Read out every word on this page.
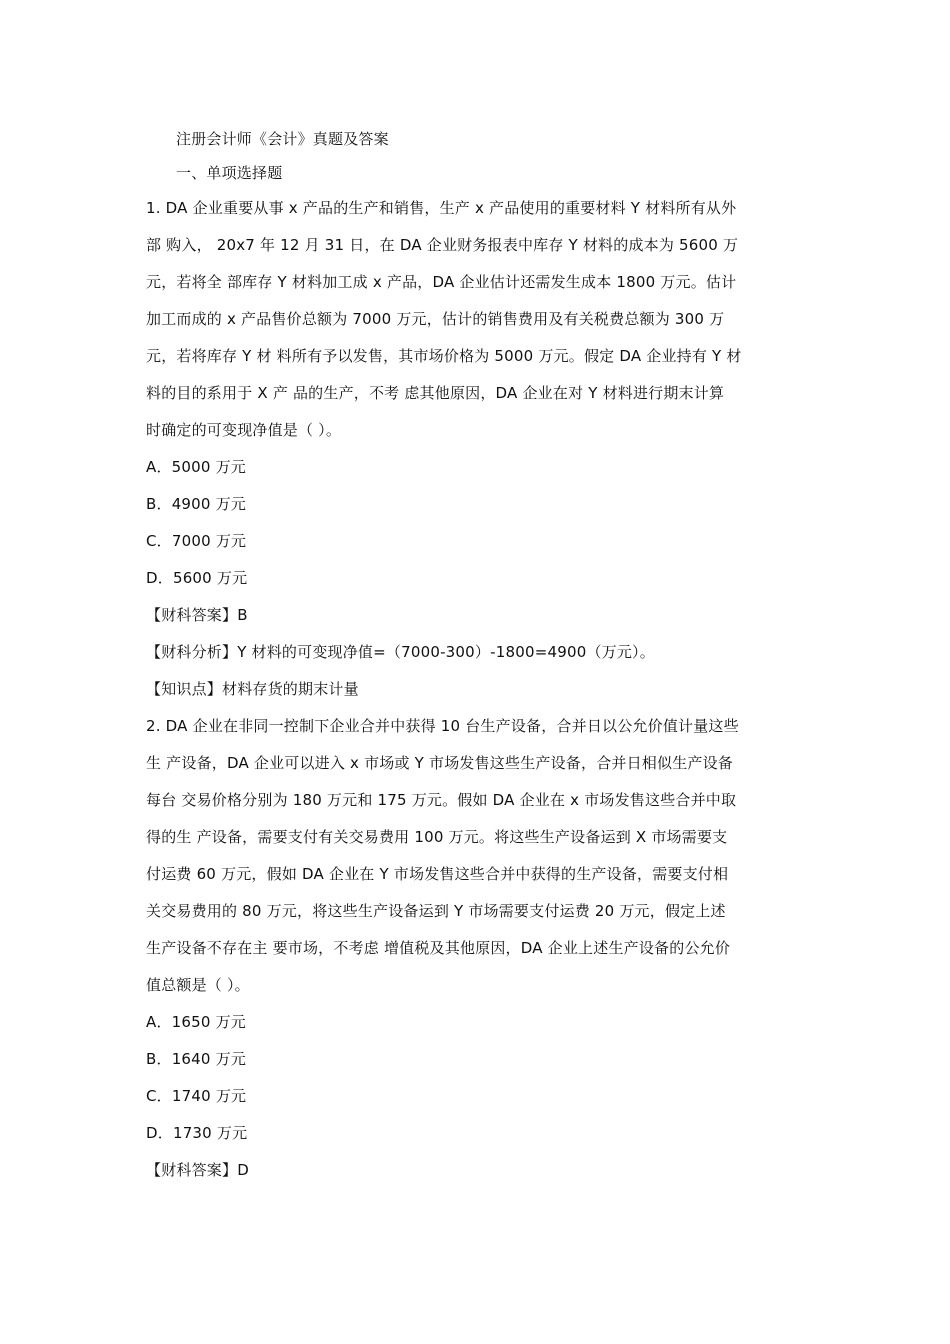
注册会计师《会计》真题及答案
一、单项选择题
1. DA 企业重要从事 x 产品的生产和销售，生产 x 产品使用的重要材料 Y 材料所有从外
部 购入， 20x7 年 12 月 31 日，在 DA 企业财务报表中库存 Y 材料的成本为 5600 万
元，若将全 部库存 Y 材料加工成 x 产品，DA 企业估计还需发生成本 1800 万元。估计
加工而成的 x 产品售价总额为 7000 万元，估计的销售费用及有关税费总额为 300 万
元，若将库存 Y 材 料所有予以发售，其市场价格为 5000 万元。假定 DA 企业持有 Y 材
料的目的系用于 X 产 品的生产，不考 虑其他原因，DA 企业在对 Y 材料进行期末计算
时确定的可变现净值是（ ）。
A．5000 万元
B．4900 万元
C．7000 万元
D．5600 万元
【财科答案】B
【财科分析】Y 材料的可变现净值=（7000-300）-1800=4900（万元）。
【知识点】材料存货的期末计量
2. DA 企业在非同一控制下企业合并中获得 10 台生产设备，合并日以公允价值计量这些
生 产设备，DA 企业可以进入 x 市场或 Y 市场发售这些生产设备，合并日相似生产设备
每台 交易价格分别为 180 万元和 175 万元。假如 DA 企业在 x 市场发售这些合并中取
得的生 产设备，需要支付有关交易费用 100 万元。将这些生产设备运到 X 市场需要支
付运费 60 万元，假如 DA 企业在 Y 市场发售这些合并中获得的生产设备，需要支付相
关交易费用的 80 万元，将这些生产设备运到 Y 市场需要支付运费 20 万元，假定上述
生产设备不存在主 要市场，不考虑 增值税及其他原因，DA 企业上述生产设备的公允价
值总额是（ ）。
A．1650 万元
B．1640 万元
C．1740 万元
D．1730 万元
【财科答案】D
